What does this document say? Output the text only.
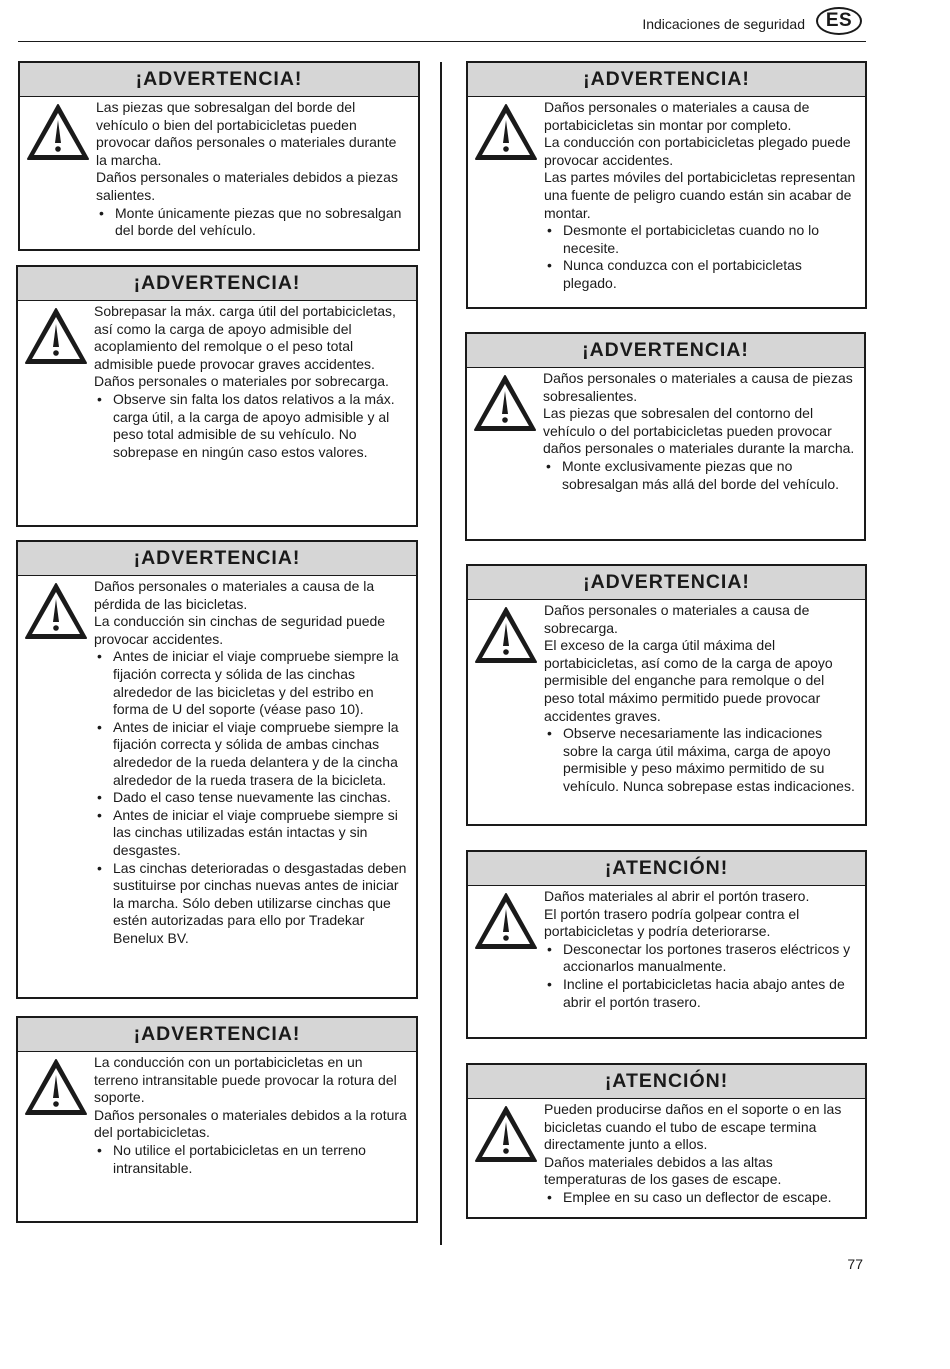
Indicaciones de seguridad	ES
¡ADVERTENCIA!

Las piezas que sobresalgan del borde del vehículo o bien del portabicicletas pueden provocar daños personales o materiales durante la marcha.

Daños personales o materiales debidos a piezas salientes.

• Monte únicamente piezas que no sobresalgan del borde del vehículo.
¡ADVERTENCIA!

Sobrepasar la máx. carga útil del portabicicletas, así como la carga de apoyo admisible del acoplamiento del remolque o el peso total admisible puede provocar graves accidentes.

Daños personales o materiales por sobrecarga.

• Observe sin falta los datos relativos a la máx. carga útil, a la carga de apoyo admisible y al peso total admisible de su vehículo. No sobrepase en ningún caso estos valores.
¡ADVERTENCIA!

Daños personales o materiales a causa de la pérdida de las bicicletas.

La conducción sin cinchas de seguridad puede provocar accidentes.

• Antes de iniciar el viaje compruebe siempre la fijación correcta y sólida de las cinchas alrededor de las bicicletas y del estribo en forma de U del soporte (véase paso 10).
• Antes de iniciar el viaje compruebe siempre la fijación correcta y sólida de ambas cinchas alrededor de la rueda delantera y de la cincha alrededor de la rueda trasera de la bicicleta.
• Dado el caso tense nuevamente las cinchas.
• Antes de iniciar el viaje compruebe siempre si las cinchas utilizadas están intactas y sin desgastes.
• Las cinchas deterioradas o desgastadas deben sustituirse por cinchas nuevas antes de iniciar la marcha. Sólo deben utilizarse cinchas que estén autorizadas para ello por Tradekar Benelux BV.
¡ADVERTENCIA!

La conducción con un portabicicletas en un terreno intransitable puede provocar la rotura del soporte.

Daños personales o materiales debidos a la rotura del portabicicletas.

• No utilice el portabicicletas en un terreno intransitable.
¡ADVERTENCIA!

Daños personales o materiales a causa de portabicicletas sin montar por completo.

La conducción con portabicicletas plegado puede provocar accidentes.

Las partes móviles del portabicicletas representan una fuente de peligro cuando están sin acabar de montar.

• Desmonte el portabicicletas cuando no lo necesite.
• Nunca conduzca con el portabicicletas plegado.
¡ADVERTENCIA!

Daños personales o materiales a causa de piezas sobresalientes.

Las piezas que sobresalen del contorno del vehículo o del portabicicletas pueden provocar daños personales o materiales durante la marcha.

• Monte exclusivamente piezas que no sobresalgan más allá del borde del vehículo.
¡ADVERTENCIA!

Daños personales o materiales a causa de sobrecarga.

El exceso de la carga útil máxima del portabicicletas, así como de la carga de apoyo permisible del enganche para remolque o del peso total máximo permitido puede provocar accidentes graves.

• Observe necesariamente las indicaciones sobre la carga útil máxima, carga de apoyo permisible y peso máximo permitido de su vehículo. Nunca sobrepase estas indicaciones.
¡ATENCIÓN!

Daños materiales al abrir el portón trasero.

El portón trasero podría golpear contra el portabicicletas y podría deteriorarse.

• Desconectar los portones traseros eléctricos y accionarlos manualmente.
• Incline el portabicicletas hacia abajo antes de abrir el portón trasero.
¡ATENCIÓN!

Pueden producirse daños en el soporte o en las bicicletas cuando el tubo de escape termina directamente junto a ellos.

Daños materiales debidos a las altas temperaturas de los gases de escape.

• Emplee en su caso un deflector de escape.
77
